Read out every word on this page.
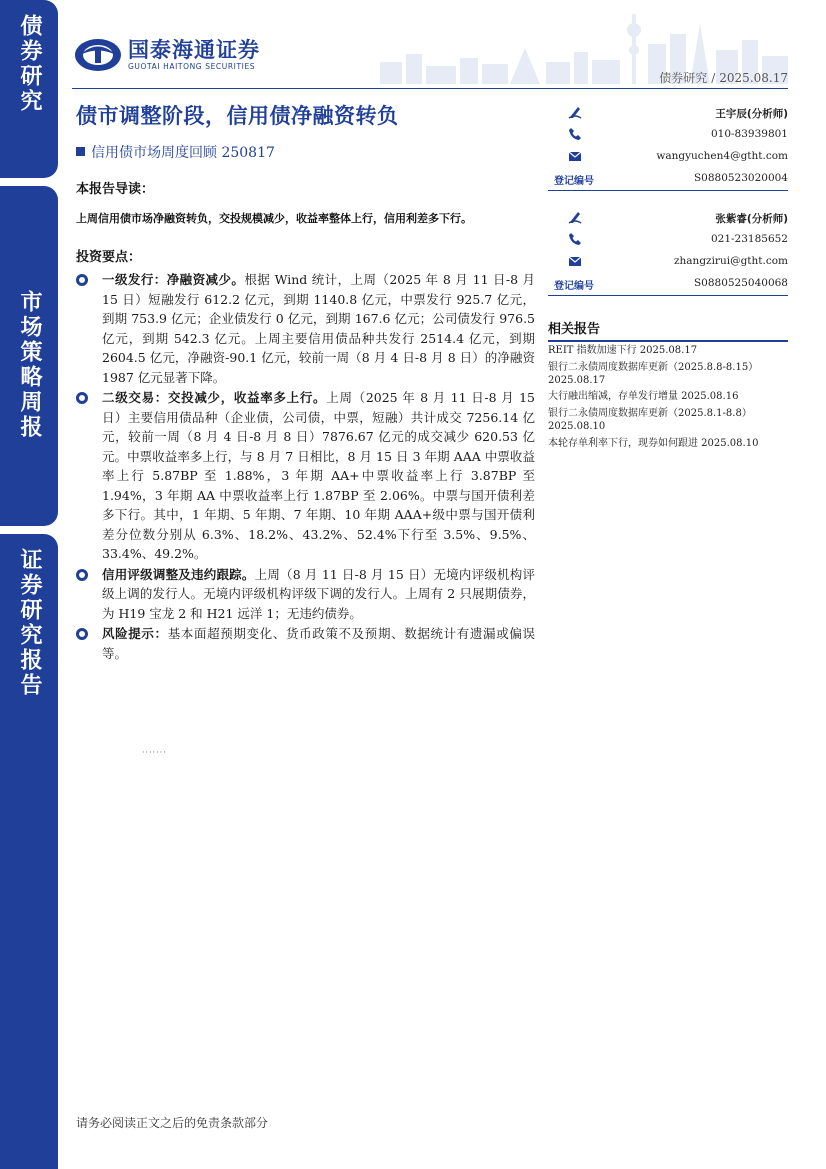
债券研究
市场策略周报
证券研究报告
国泰海通证券
GUOTAI HAITONG SECURITIES
债券研究 / 2025.08.17
债市调整阶段，信用债净融资转负
信用债市场周度回顾 250817
本报告导读：
上周信用债市场净融资转负，交投规模减少，收益率整体上行，信用利差多下行。
投资要点：
一级发行：净融资减少。根据 Wind 统计，上周（2025 年 8 月 11 日-8 月 15 日）短融发行 612.2 亿元，到期 1140.8 亿元，中票发行 925.7 亿元，到期 753.9 亿元；企业债发行 0 亿元，到期 167.6 亿元；公司债发行 976.5 亿元，到期 542.3 亿元。上周主要信用债品种共发行 2514.4 亿元，到期 2604.5 亿元，净融资-90.1 亿元，较前一周（8 月 4 日-8 月 8 日）的净融资 1987 亿元显著下降。
二级交易：交投减少，收益率多上行。上周（2025 年 8 月 11 日-8 月 15 日）主要信用债品种（企业债，公司债，中票，短融）共计成交 7256.14 亿元，较前一周（8 月 4 日-8 月 8 日）7876.67 亿元的成交减少 620.53 亿元。中票收益率多上行，与 8 月 7 日相比，8 月 15 日 3 年期 AAA 中票收益率上行 5.87BP 至 1.88%，3 年期 AA+中票收益率上行 3.87BP 至 1.94%，3 年期 AA 中票收益率上行 1.87BP 至 2.06%。中票与国开债利差多下行。其中，1 年期、5 年期、7 年期、10 年期 AAA+级中票与国开债利差分位数分别从 6.3%、18.2%、43.2%、52.4%下行至 3.5%、9.5%、33.4%、49.2%。
信用评级调整及违约跟踪。上周（8 月 11 日-8 月 15 日）无境内评级机构评级上调的发行人。无境内评级机构评级下调的发行人。上周有 2 只展期债券，为 H19 宝龙 2 和 H21 远洋 1；无违约债券。
风险提示：基本面超预期变化、货币政策不及预期、数据统计有遗漏或偏误等。
·······
请务必阅读正文之后的免责条款部分
王宇辰(分析师)
010-83939801
wangyuchen4@gtht.com
登记编号	S0880523020004
张紫睿(分析师)
021-23185652
zhangzirui@gtht.com
登记编号	S0880525040068
相关报告
REIT 指数加速下行 2025.08.17
银行二永债周度数据库更新（2025.8.8-8.15）2025.08.17
大行融出缩减，存单发行增量 2025.08.16
银行二永债周度数据库更新（2025.8.1-8.8）2025.08.10
本轮存单利率下行，现券如何跟进 2025.08.10
